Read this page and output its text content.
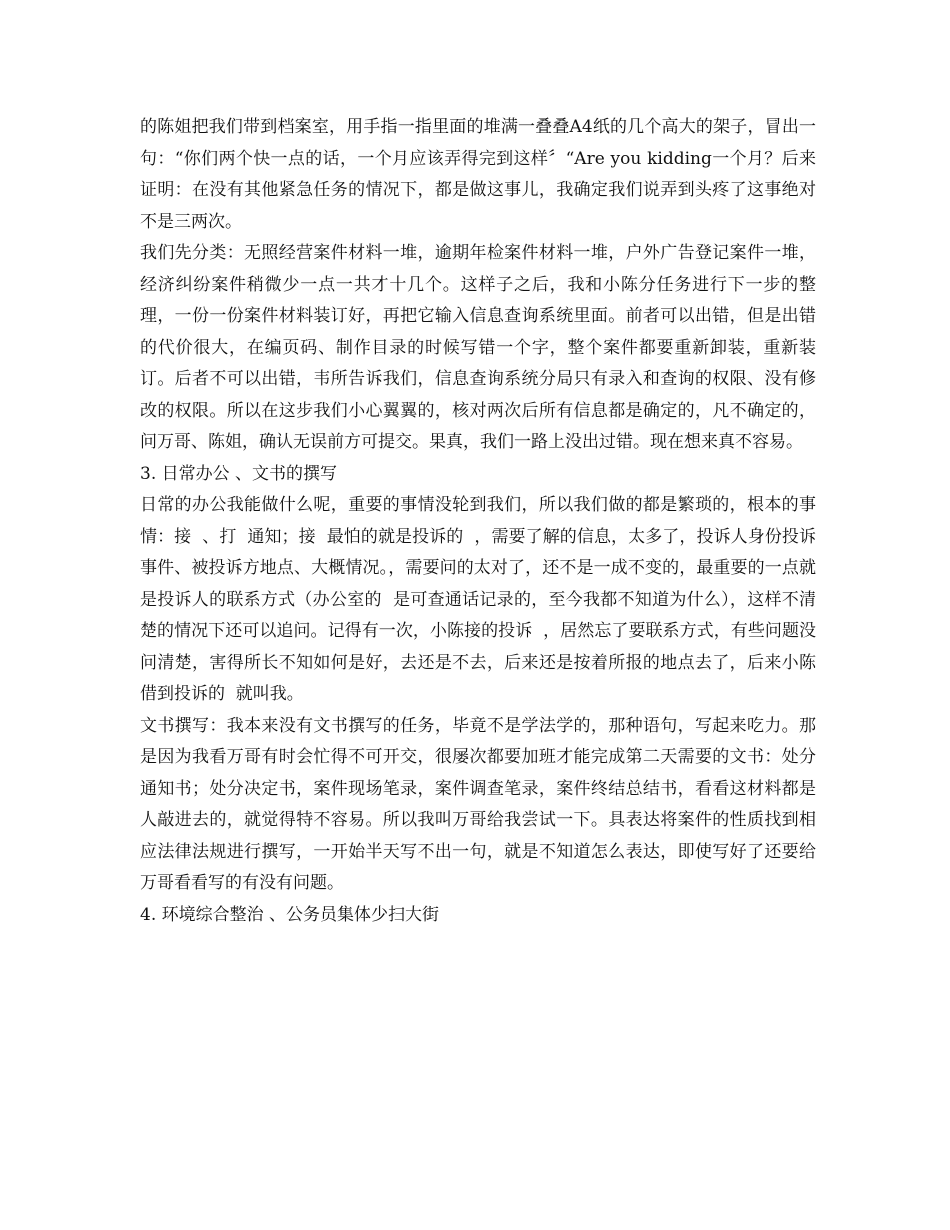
的陈姐把我们带到档案室，用手指一指里面的堆满一叠叠A4纸的几个高大的架子，冒出一句：“你们两个快一点的话，一个月应该弄得完到这样〞“Are you kidding一个月？后来证明：在没有其他紧急任务的情况下，都是做这事儿，我确定我们说弄到头疼了这事绝对不是三两次。

我们先分类：无照经营案件材料一堆，逾期年检案件材料一堆，户外广告登记案件一堆，经济纠纷案件稍微少一点一共才十几个。这样子之后，我和小陈分任务进行下一步的整理，一份一份案件材料装订好，再把它输入信息查询系统里面。前者可以出错，但是出错的代价很大，在编页码、制作目录的时候写错一个字，整个案件都要重新卸装，重新装订。后者不可以出错，韦所告诉我们，信息查询系统分局只有录入和查询的权限、没有修改的权限。所以在这步我们小心翼翼的，核对两次后所有信息都是确定的，凡不确定的，问万哥、陈姐，确认无误前方可提交。果真，我们一路上没出过错。现在想来真不容易。

3. 日常办公 、文书的撰写

日常的办公我能做什么呢，重要的事情没轮到我们，所以我们做的都是繁琐的，根本的事情：接  、打  通知；接  最怕的就是投诉的  ，需要了解的信息，太多了，投诉人身份投诉事件、被投诉方地点、大概情况。，需要问的太对了，还不是一成不变的，最重要的一点就是投诉人的联系方式（办公室的  是可查通话记录的，至今我都不知道为什么），这样不清楚的情况下还可以追问。记得有一次，小陈接的投诉  ，居然忘了要联系方式，有些问题没问清楚，害得所长不知如何是好，去还是不去，后来还是按着所报的地点去了，后来小陈借到投诉的  就叫我。

文书撰写：我本来没有文书撰写的任务，毕竟不是学法学的，那种语句，写起来吃力。那是因为我看万哥有时会忙得不可开交，很屡次都要加班才能完成第二天需要的文书：处分通知书；处分决定书，案件现场笔录，案件调查笔录，案件终结总结书，看看这材料都是人敲进去的，就觉得特不容易。所以我叫万哥给我尝试一下。具表达将案件的性质找到相应法律法规进行撰写，一开始半天写不出一句，就是不知道怎么表达，即使写好了还要给万哥看看写的有没有问题。

4. 环境综合整治 、公务员集体少扫大街
